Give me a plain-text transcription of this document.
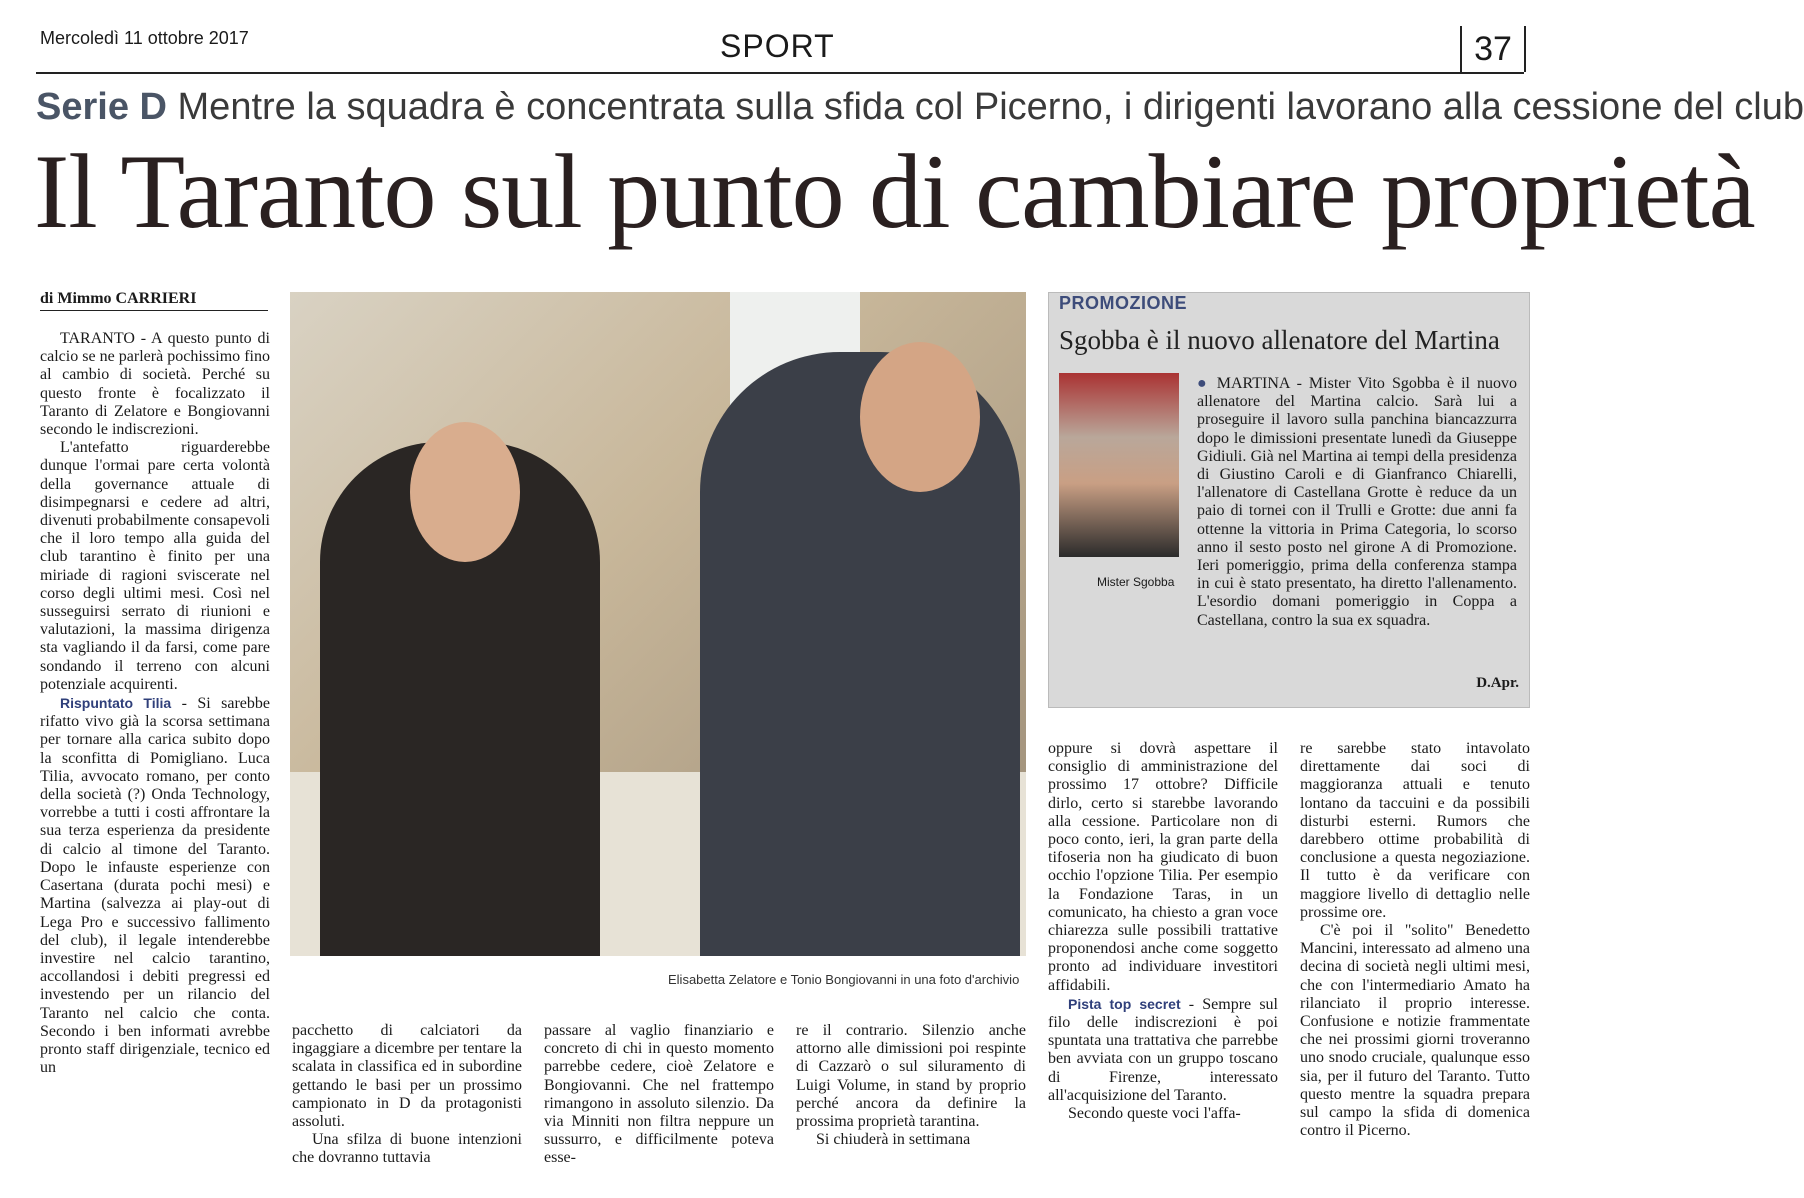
Mercoledì 11 ottobre 2017	SPORT	37
Serie D Mentre la squadra è concentrata sulla sfida col Picerno, i dirigenti lavorano alla cessione del club
Il Taranto sul punto di cambiare proprietà
di Mimmo CARRIERI

TARANTO - A questo punto di calcio se ne parlerà pochissimo fino al cambio di società. Perché su questo fronte è focalizzato il Taranto di Zelatore e Bongiovanni secondo le indiscrezioni.

L'antefatto riguarderebbe dunque l'ormai pare certa volontà della governance attuale di disimpegnarsi e cedere ad altri, divenuti probabilmente consapevoli che il loro tempo alla guida del club tarantino è finito per una miriade di ragioni sviscerate nel corso degli ultimi mesi. Così nel susseguirsi serrato di riunioni e valutazioni, la massima dirigenza sta vagliando il da farsi, come pare sondando il terreno con alcuni potenziale acquirenti.

Rispuntato Tilia - Si sarebbe rifatto vivo già la scorsa settimana per tornare alla carica subito dopo la sconfitta di Pomigliano. Luca Tilia, avvocato romano, per conto della società (?) Onda Technology, vorrebbe a tutti i costi affrontare la sua terza esperienza da presidente di calcio al timone del Taranto. Dopo le infauste esperienze con Casertana (durata pochi mesi) e Martina (salvezza ai play-out di Lega Pro e successivo fallimento del club), il legale intenderebbe investire nel calcio tarantino, accollandosi i debiti pregressi ed investendo per un rilancio del Taranto nel calcio che conta. Secondo i ben informati avrebbe pronto staff dirigenziale, tecnico ed un

Elisabetta Zelatore e Tonio Bongiovanni in una foto d'archivio

pacchetto di calciatori da ingaggiare a dicembre per tentare la scalata in classifica ed in subordine gettando le basi per un prossimo campionato in D da protagonisti assoluti.

Una sfilza di buone intenzioni che dovranno tuttavia

passare al vaglio finanziario e concreto di chi in questo momento parrebbe cedere, cioè Zelatore e Bongiovanni. Che nel frattempo rimangono in assoluto silenzio. Da via Minniti non filtra neppure un sussurro, e difficilmente poteva esse-

re il contrario. Silenzio anche attorno alle dimissioni poi respinte di Cazzarò o sul siluramento di Luigi Volume, in stand by proprio perché ancora da definire la prossima proprietà tarantina.

Si chiuderà in settimana

oppure si dovrà aspettare il consiglio di amministrazione del prossimo 17 ottobre? Difficile dirlo, certo si starebbe lavorando alla cessione. Particolare non di poco conto, ieri, la gran parte della tifoseria non ha giudicato di buon occhio l'opzione Tilia. Per esempio la Fondazione Taras, in un comunicato, ha chiesto a gran voce chiarezza sulle possibili trattative proponendosi anche come soggetto pronto ad individuare investitori affidabili.

Pista top secret - Sempre sul filo delle indiscrezioni è poi spuntata una trattativa che parrebbe ben avviata con un gruppo toscano di Firenze, interessato all'acquisizione del Taranto.

Secondo queste voci l'affa-

re sarebbe stato intavolato direttamente dai soci di maggioranza attuali e tenuto lontano da taccuini e da possibili disturbi esterni. Rumors che darebbero ottime probabilità di conclusione a questa negoziazione. Il tutto è da verificare con maggiore livello di dettaglio nelle prossime ore.

C'è poi il "solito" Benedetto Mancini, interessato ad almeno una decina di società negli ultimi mesi, che con l'intermediario Amato ha rilanciato il proprio interesse. Confusione e notizie frammentate che nei prossimi giorni troveranno uno snodo cruciale, qualunque esso sia, per il futuro del Taranto. Tutto questo mentre la squadra prepara sul campo la sfida di domenica contro il Picerno.

PROMOZIONE
Sgobba è il nuovo allenatore del Martina
Mister Sgobba
● MARTINA - Mister Vito Sgobba è il nuovo allenatore del Martina calcio. Sarà lui a proseguire il lavoro sulla panchina biancazzurra dopo le dimissioni presentate lunedì da Giuseppe Gidiuli. Già nel Martina ai tempi della presidenza di Giustino Caroli e di Gianfranco Chiarelli, l'allenatore di Castellana Grotte è reduce da un paio di tornei con il Trulli e Grotte: due anni fa ottenne la vittoria in Prima Categoria, lo scorso anno il sesto posto nel girone A di Promozione. Ieri pomeriggio, prima della conferenza stampa in cui è stato presentato, ha diretto l'allenamento. L'esordio domani pomeriggio in Coppa a Castellana, contro la sua ex squadra.
D.Apr.
